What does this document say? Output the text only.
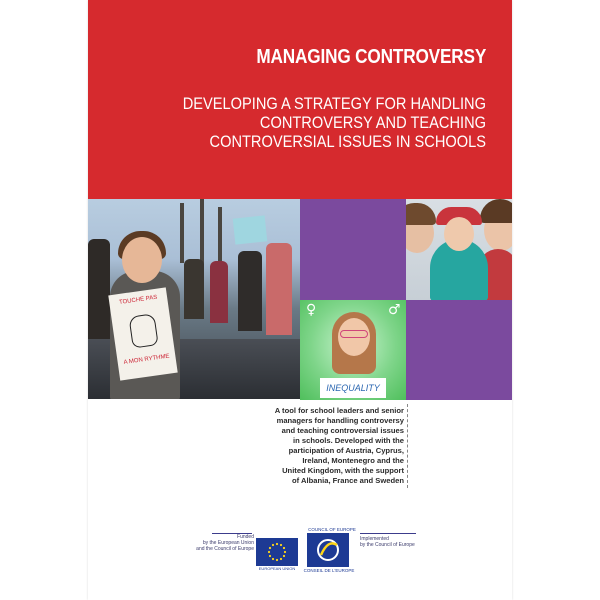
MANAGING CONTROVERSY
DEVELOPING A STRATEGY FOR HANDLING
CONTROVERSY AND TEACHING
CONTROVERSIAL ISSUES IN SCHOOLS
TOUCHE PAS
A MON RYTHME
♀	♂
INEQUALITY
A tool for school leaders and senior
managers for handling controversy
and teaching controversial issues
in schools. Developed with the
participation of Austria, Cyprus,
Ireland, Montenegro and the
United Kingdom, with the support
of Albania, France and Sweden
Funded
by the European Union
and the Council of Europe
EUROPEAN UNION
COUNCIL OF EUROPE
CONSEIL DE L'EUROPE
Implemented
by the Council of Europe
